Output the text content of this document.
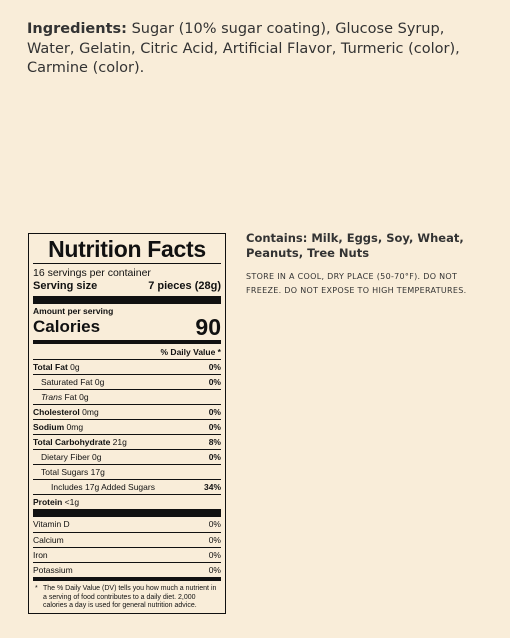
Ingredients: Sugar (10% sugar coating), Glucose Syrup, Water, Gelatin, Citric Acid, Artificial Flavor, Turmeric (color), Carmine (color).
Nutrition Facts
16 servings per container
Serving size	7 pieces (28g)
Amount per serving
Calories	90
% Daily Value *
Total Fat 0g	0%
Saturated Fat 0g	0%
Trans Fat 0g
Cholesterol 0mg	0%
Sodium 0mg	0%
Total Carbohydrate 21g	8%
Dietary Fiber 0g	0%
Total Sugars 17g
Includes 17g Added Sugars	34%
Protein <1g
Vitamin D	0%
Calcium	0%
Iron	0%
Potassium	0%
* The % Daily Value (DV) tells you how much a nutrient in a serving of food contributes to a daily diet. 2,000 calories a day is used for general nutrition advice.
Contains: Milk, Eggs, Soy, Wheat, Peanuts, Tree Nuts
STORE IN A COOL, DRY PLACE (50-70°F). DO NOT FREEZE. DO NOT EXPOSE TO HIGH TEMPERATURES.
